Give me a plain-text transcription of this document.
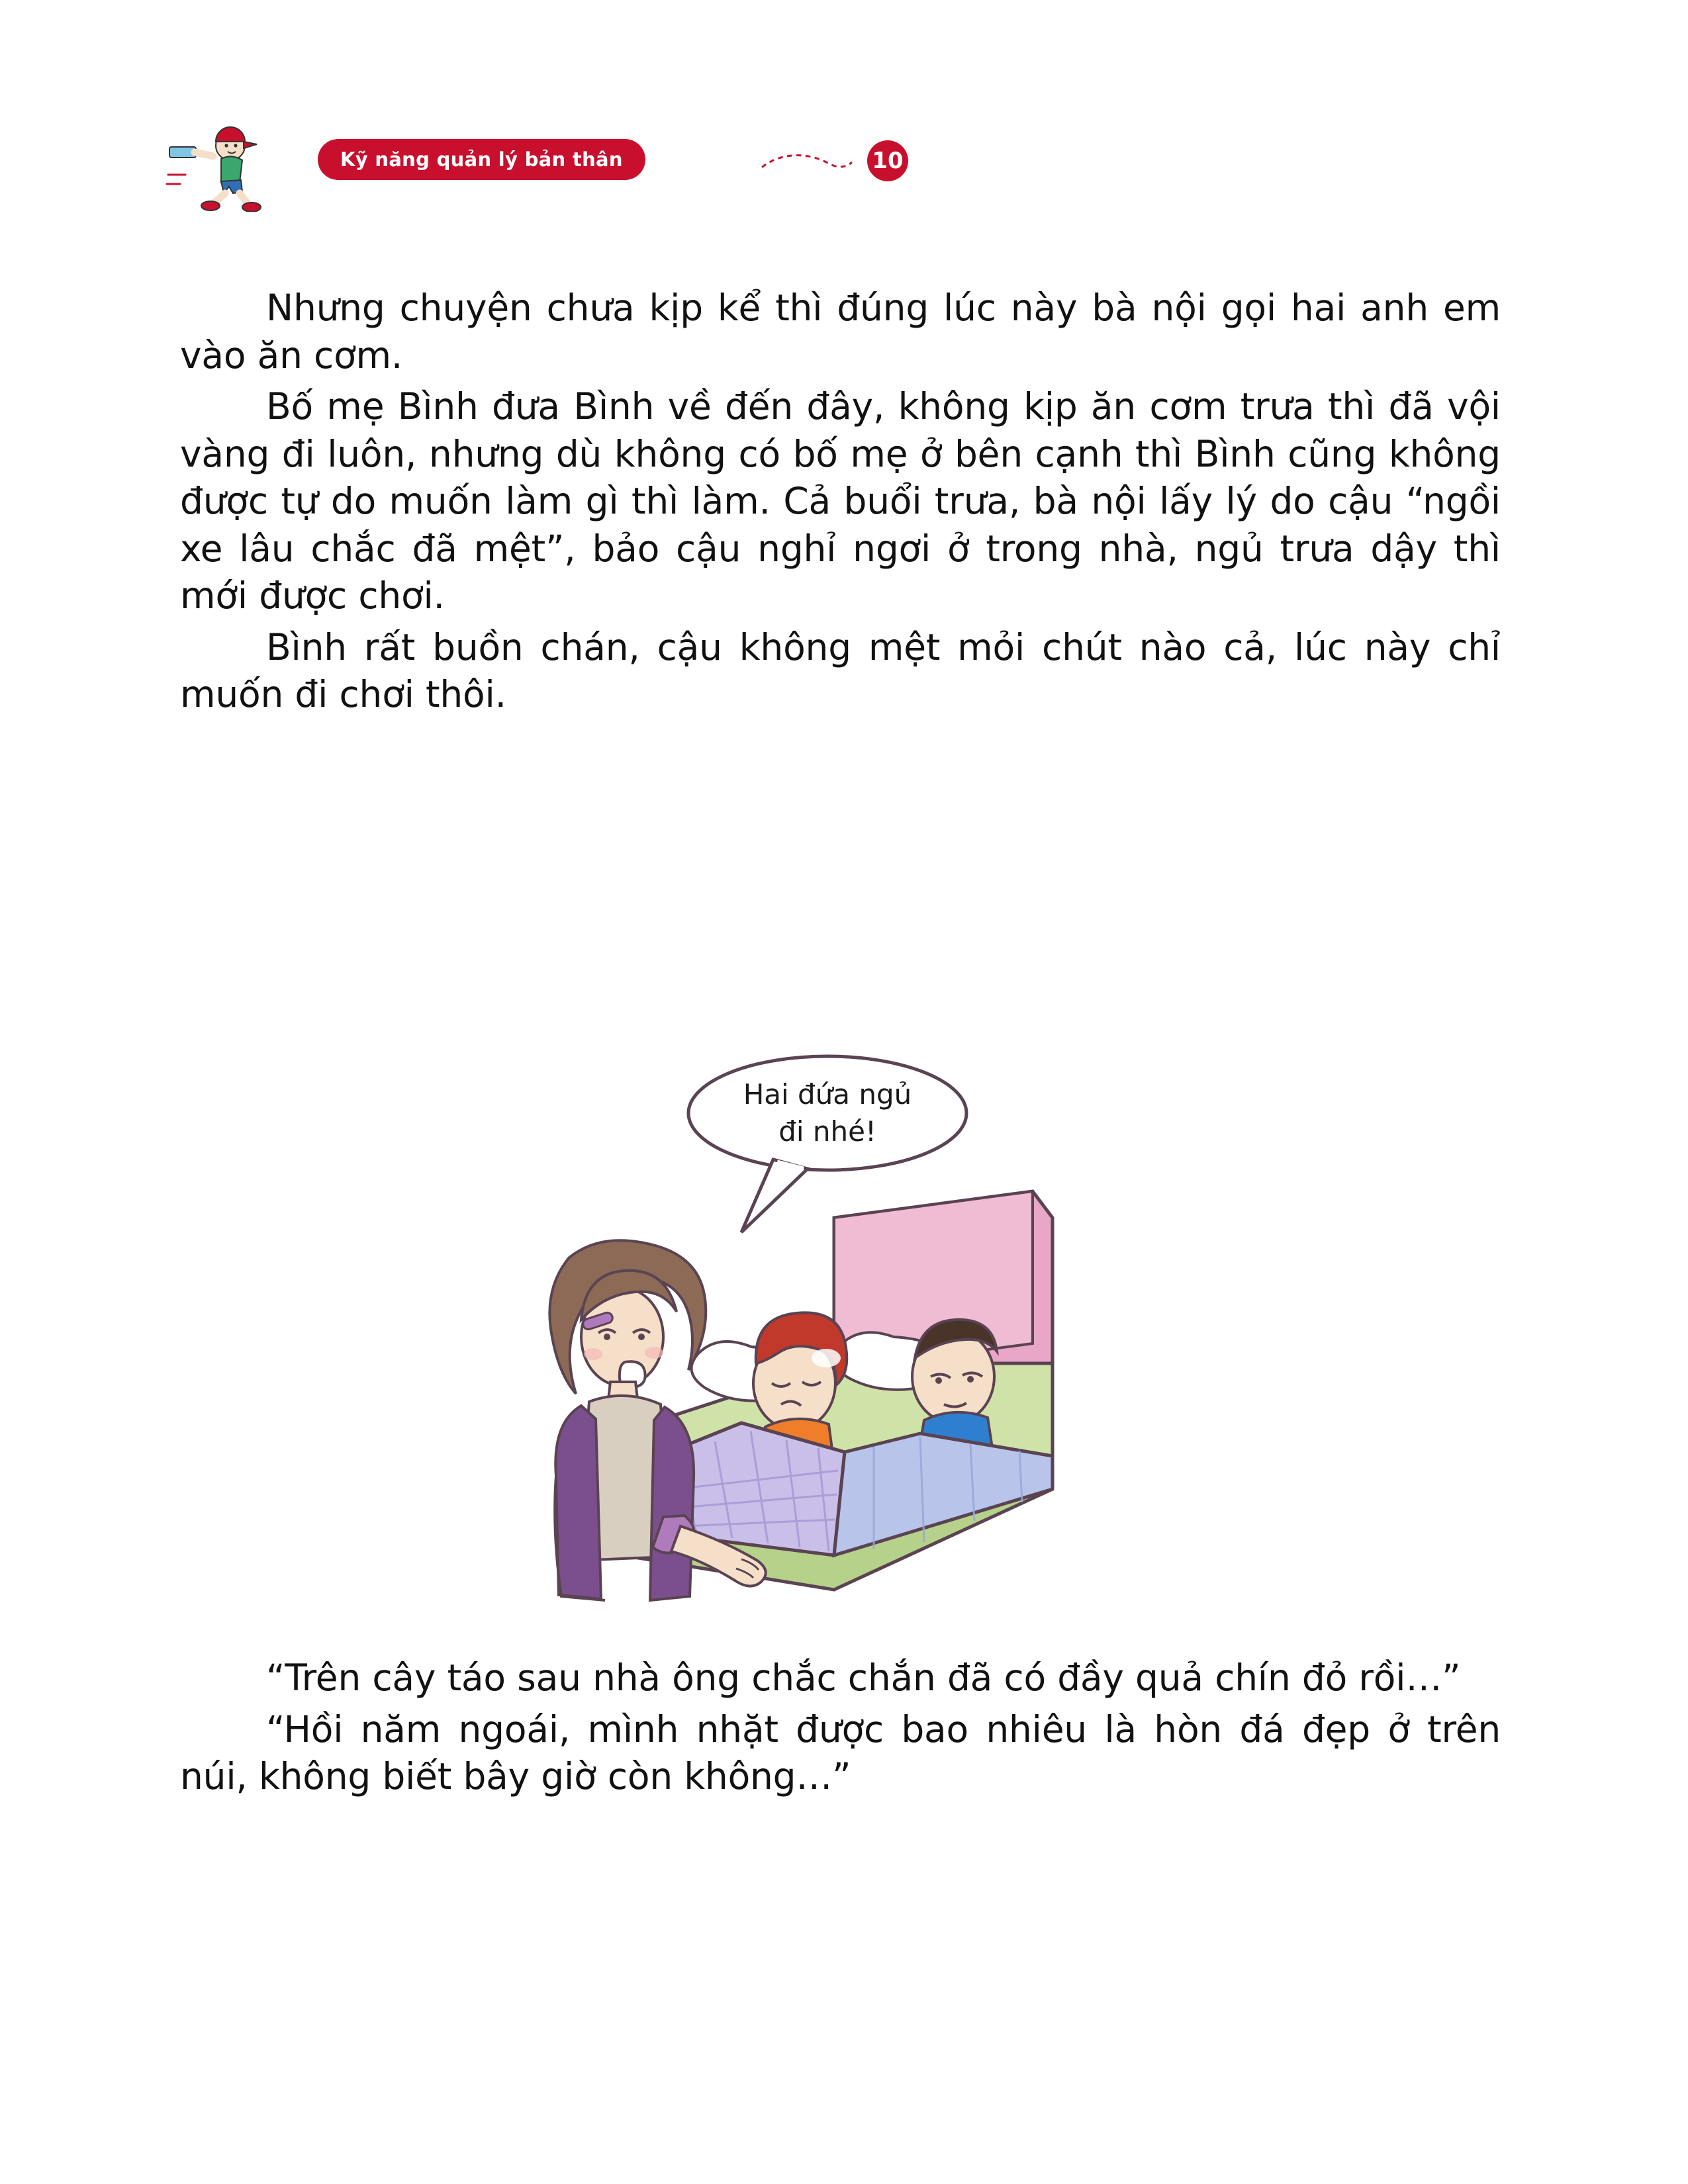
Kỹ năng quản lý bản thân	10

Nhưng chuyện chưa kịp kể thì đúng lúc này bà nội gọi hai anh em vào ăn cơm.

Bố mẹ Bình đưa Bình về đến đây, không kịp ăn cơm trưa thì đã vội vàng đi luôn, nhưng dù không có bố mẹ ở bên cạnh thì Bình cũng không được tự do muốn làm gì thì làm. Cả buổi trưa, bà nội lấy lý do cậu “ngồi xe lâu chắc đã mệt”, bảo cậu nghỉ ngơi ở trong nhà, ngủ trưa dậy thì mới được chơi.

Bình rất buồn chán, cậu không mệt mỏi chút nào cả, lúc này chỉ muốn đi chơi thôi.

Hai đứa ngủ
đi nhé!

“Trên cây táo sau nhà ông chắc chắn đã có đầy quả chín đỏ rồi…”

“Hồi năm ngoái, mình nhặt được bao nhiêu là hòn đá đẹp ở trên núi, không biết bây giờ còn không…”
